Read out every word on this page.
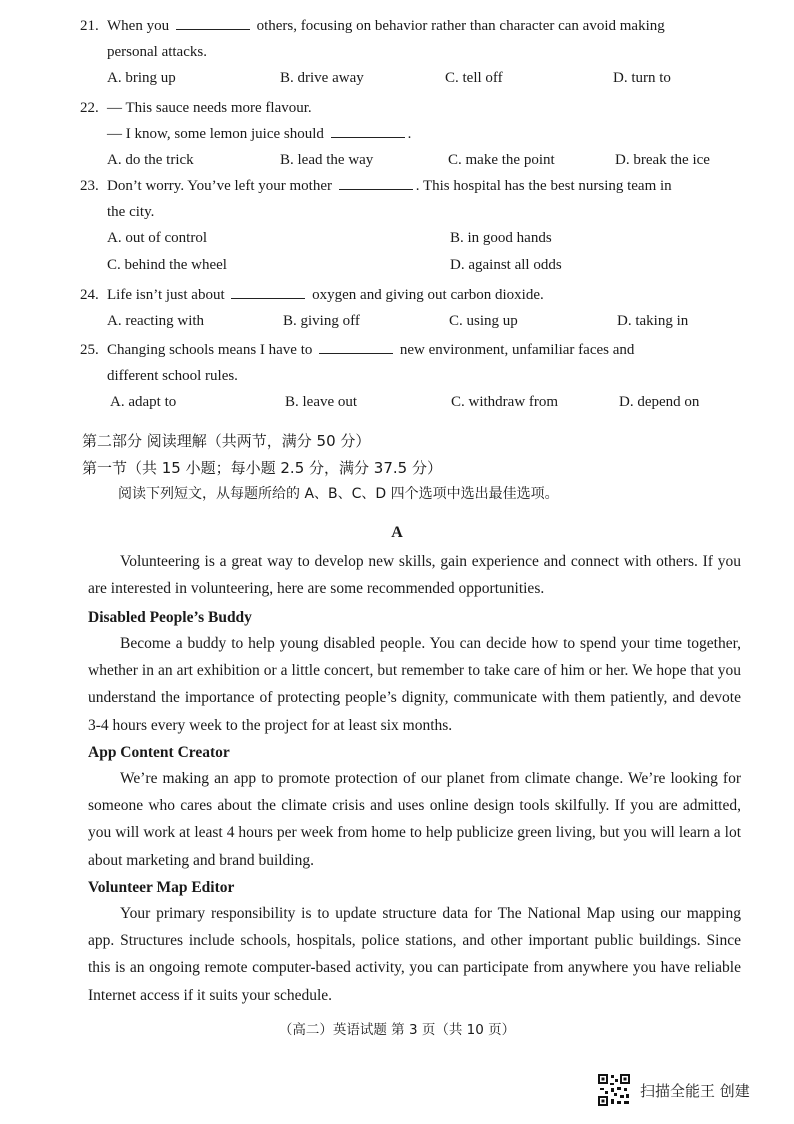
21. When you	others, focusing on behavior rather than character can avoid making
personal attacks.
A. bring up	B. drive away	C. tell off	D. turn to
22. — This sauce needs more flavour.
— I know, some lemon juice should	.
A. do the trick	B. lead the way	C. make the point	D. break the ice
23. Don’t worry. You’ve left your mother	. This hospital has the best nursing team in
the city.
A. out of control	B. in good hands
C. behind the wheel	D. against all odds
24. Life isn’t just about	oxygen and giving out carbon dioxide.
A. reacting with	B. giving off	C. using up	D. taking in
25. Changing schools means I have to	new environment, unfamiliar faces and
different school rules.
A. adapt to	B. leave out	C. withdraw from	D. depend on
第二部分 阅读理解（共两节，满分 50 分）
第一节（共 15 小题；每小题 2.5 分，满分 37.5 分）
阅读下列短文，从每题所给的 A、B、C、D 四个选项中选出最佳选项。
A

Volunteering is a great way to develop new skills, gain experience and connect with others. If you are interested in volunteering, here are some recommended opportunities.

Disabled People’s Buddy

Become a buddy to help young disabled people. You can decide how to spend your time together, whether in an art exhibition or a little concert, but remember to take care of him or her. We hope that you understand the importance of protecting people’s dignity, communicate with them patiently, and devote 3-4 hours every week to the project for at least six months.

App Content Creator

We’re making an app to promote protection of our planet from climate change. We’re looking for someone who cares about the climate crisis and uses online design tools skilfully. If you are admitted, you will work at least 4 hours per week from home to help publicize green living, but you will learn a lot about marketing and brand building.

Volunteer Map Editor

Your primary responsibility is to update structure data for The National Map using our mapping app. Structures include schools, hospitals, police stations, and other important public buildings. Since this is an ongoing remote computer-based activity, you can participate from anywhere you have reliable Internet access if it suits your schedule.

（高二）英语试题 第 3 页（共 10 页）
扫描全能王 创建
